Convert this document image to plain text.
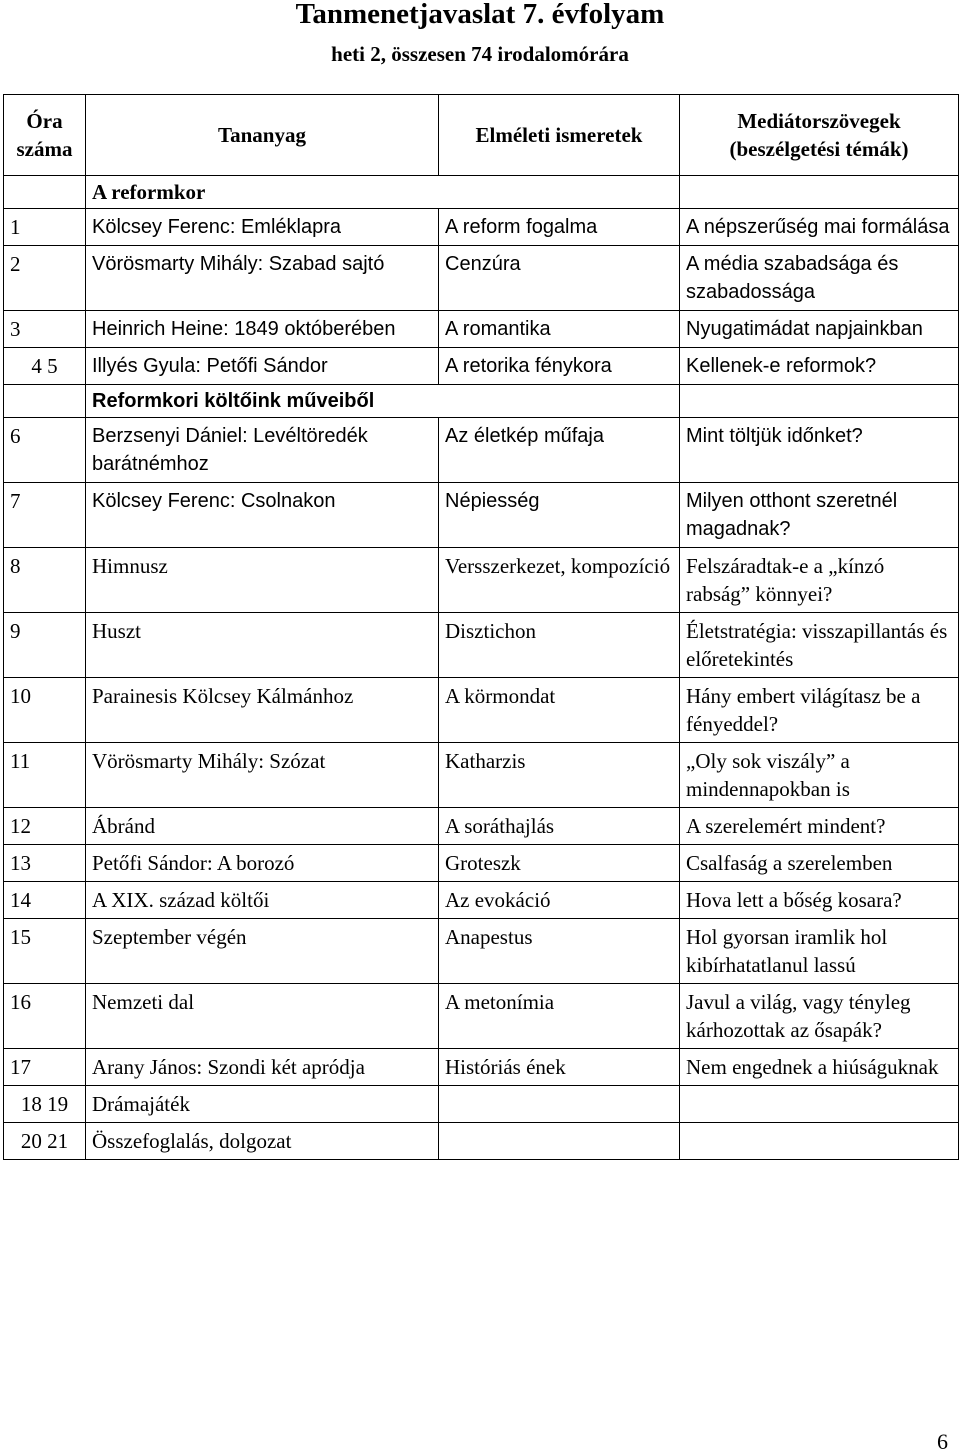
Tanmenetjavaslat 7. évfolyam
heti 2, összesen 74 irodalomórára
Óra száma	Tananyag	Elméleti ismeretek	Mediátorszövegek (beszélgetési témák)
	A reformkor		
1	Kölcsey Ferenc: Emléklapra	A reform fogalma	A népszerűség mai formálása
2	Vörösmarty Mihály: Szabad sajtó	Cenzúra	A média szabadsága és szabadossága
3	Heinrich Heine: 1849 októberében	A romantika	Nyugatimádat napjainkban
4 5	Illyés Gyula: Petőfi Sándor	A retorika fénykora	Kellenek-e reformok?
	Reformkori költőink műveiből		
6	Berzsenyi Dániel: Levéltöredék barátnémhoz	Az életkép műfaja	Mint töltjük időnket?
7	Kölcsey Ferenc: Csolnakon	Népiesség	Milyen otthont szeretnél magadnak?
8	Himnusz	Versszerkezet, kompozíció	Felszáradtak-e a „kínzó rabság” könnyei?
9	Huszt	Disztichon	Életstratégia: visszapillantás és előretekintés
10	Parainesis Kölcsey Kálmánhoz	A körmondat	Hány embert világítasz be a fényeddel?
11	Vörösmarty Mihály: Szózat	Katharzis	„Oly sok viszály” a mindennapokban is
12	Ábránd	A soráthajlás	A szerelemért mindent?
13	Petőfi Sándor: A borozó	Groteszk	Csalfaság a szerelemben
14	A XIX. század költői	Az evokáció	Hova lett a bőség kosara?
15	Szeptember végén	Anapestus	Hol gyorsan iramlik hol kibírhatatlanul lassú
16	Nemzeti dal	A metonímia	Javul a világ, vagy tényleg kárhozottak az ősapák?
17	Arany János: Szondi két apródja	Históriás ének	Nem engednek a hiúságuknak
18 19	Drámajáték		
20 21	Összefoglalás, dolgozat		
6
